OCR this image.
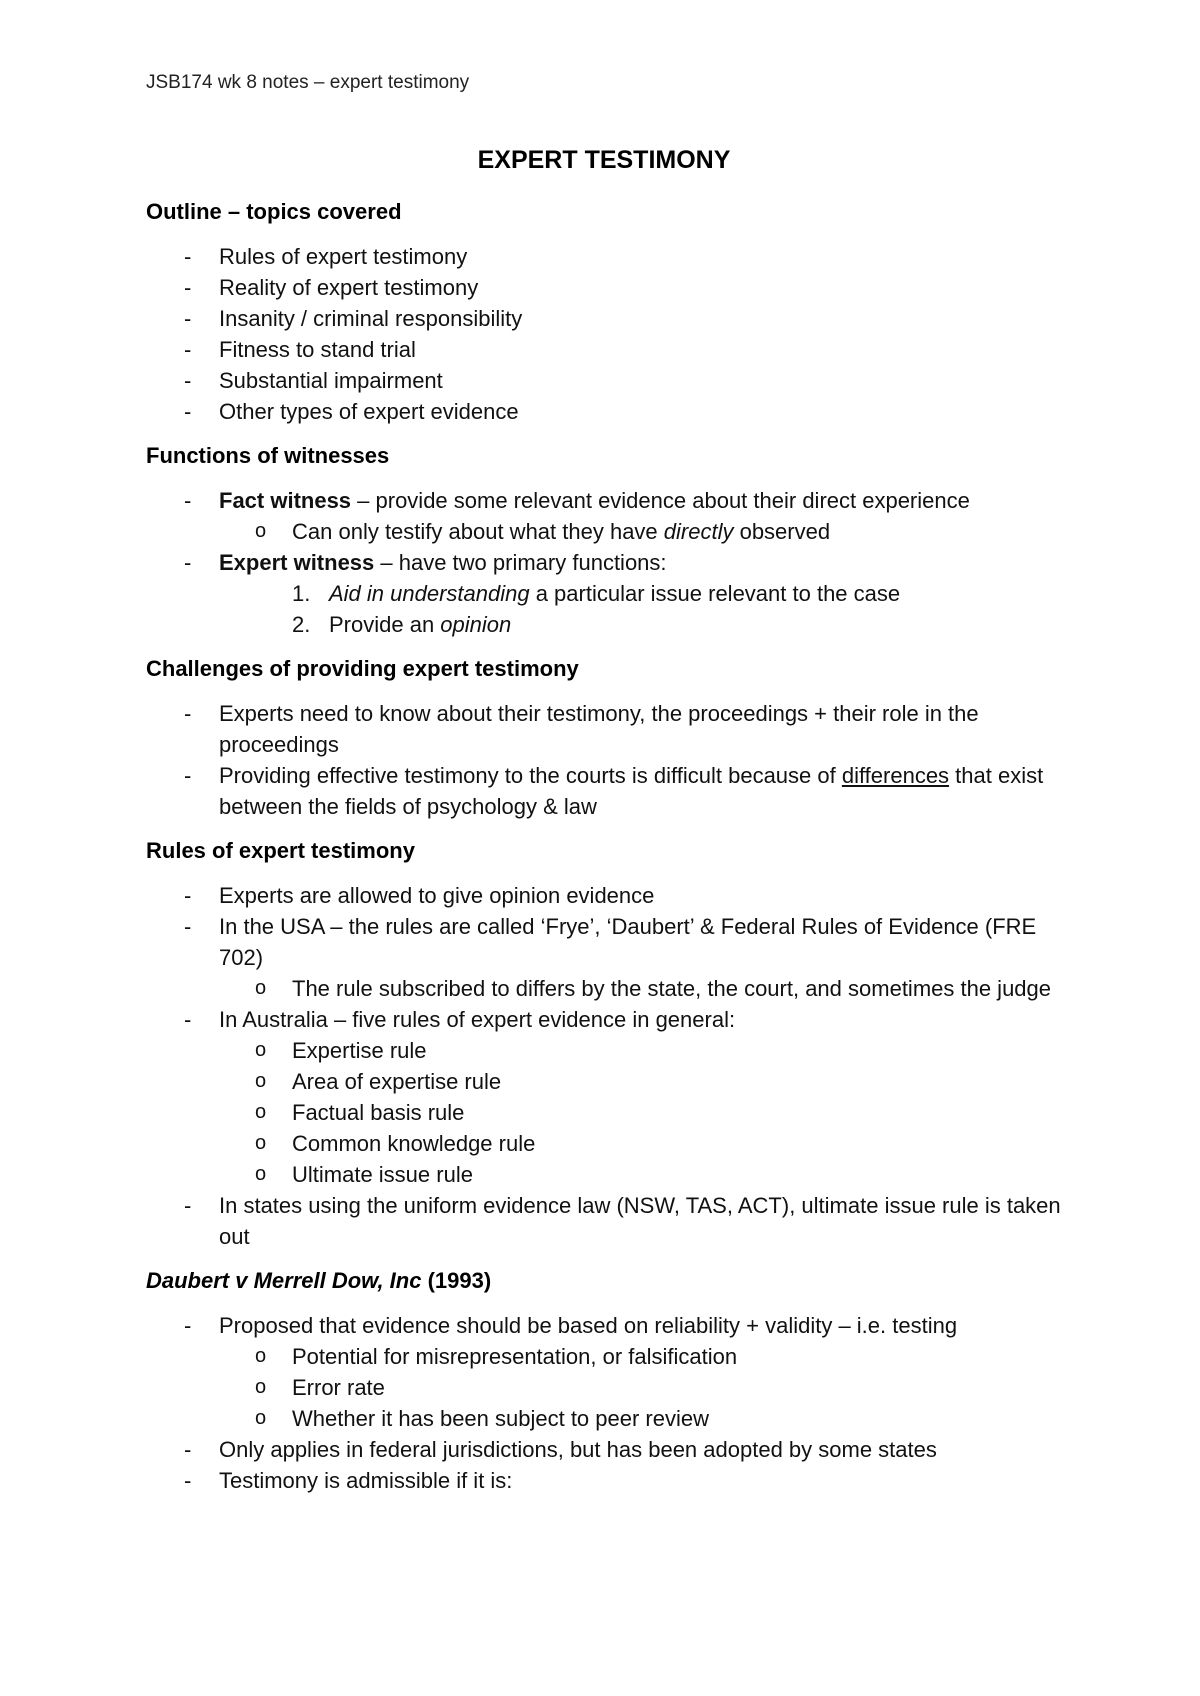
JSB174 wk 8 notes – expert testimony
EXPERT TESTIMONY
Outline – topics covered
- Rules of expert testimony
- Reality of expert testimony
- Insanity / criminal responsibility
- Fitness to stand trial
- Substantial impairment
- Other types of expert evidence
Functions of witnesses
- Fact witness – provide some relevant evidence about their direct experience
o Can only testify about what they have directly observed
- Expert witness – have two primary functions:
1. Aid in understanding a particular issue relevant to the case
2. Provide an opinion
Challenges of providing expert testimony
- Experts need to know about their testimony, the proceedings + their role in the proceedings
- Providing effective testimony to the courts is difficult because of differences that exist between the fields of psychology & law
Rules of expert testimony
- Experts are allowed to give opinion evidence
- In the USA – the rules are called ‘Frye’, ‘Daubert’ & Federal Rules of Evidence (FRE 702)
o The rule subscribed to differs by the state, the court, and sometimes the judge
- In Australia – five rules of expert evidence in general:
o Expertise rule
o Area of expertise rule
o Factual basis rule
o Common knowledge rule
o Ultimate issue rule
- In states using the uniform evidence law (NSW, TAS, ACT), ultimate issue rule is taken out
Daubert v Merrell Dow, Inc (1993)
- Proposed that evidence should be based on reliability + validity – i.e. testing
o Potential for misrepresentation, or falsification
o Error rate
o Whether it has been subject to peer review
- Only applies in federal jurisdictions, but has been adopted by some states
- Testimony is admissible if it is:
